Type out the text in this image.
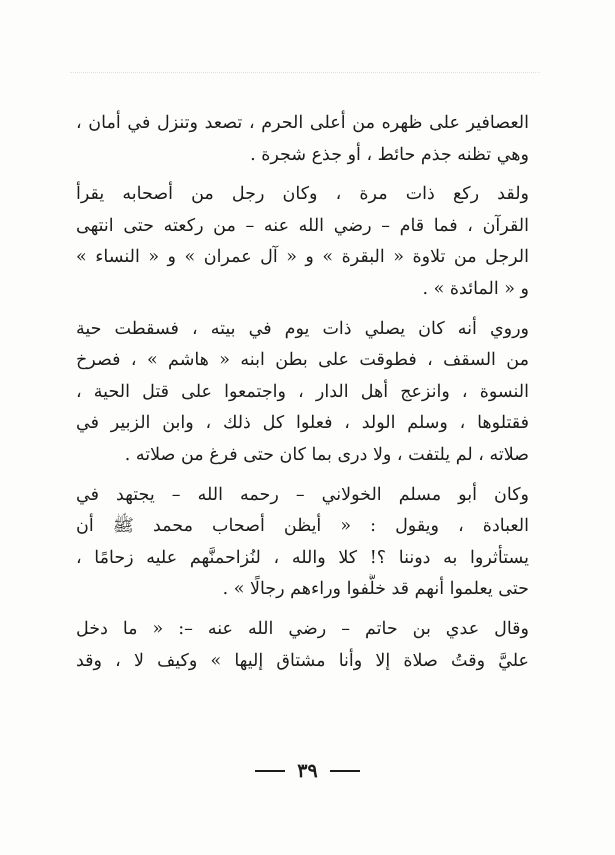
العصافير على ظهره من أعلى الحرم ، تصعد وتنزل في أمان ،
وهي تظنه جذم حائط ، أو جذع شجرة .
ولقد ركع ذات مرة ، وكان رجل من أصحابه يقرأ
القرآن ، فما قام – رضي الله عنه – من ركعته حتى انتهى
الرجل من تلاوة « البقرة » و « آل عمران » و « النساء »
و « المائدة » .
وروي أنه كان يصلي ذات يوم في بيته ، فسقطت حية
من السقف ، فطوقت على بطن ابنه « هاشم » ، فصرخ
النسوة ، وانزعج أهل الدار ، واجتمعوا على قتل الحية ،
فقتلوها ، وسلم الولد ، فعلوا كل ذلك ، وابن الزبير في
صلاته ، لم يلتفت ، ولا درى بما كان حتى فرغ من صلاته .
وكان أبو مسلم الخولاني – رحمه الله – يجتهد في
العبادة ، ويقول : « أيظن أصحاب محمد ﷺ أن
يستأثروا به دوننا ؟! كلا والله ، لنُزاحمنَّهم عليه زحامًا ،
حتى يعلموا أنهم قد خلَّفوا وراءهم رجالًا » .
وقال عدي بن حاتم – رضي الله عنه –: « ما دخل
عليَّ وقتُ صلاة إلا وأنا مشتاق إليها » وكيف لا ، وقد
٣٩
